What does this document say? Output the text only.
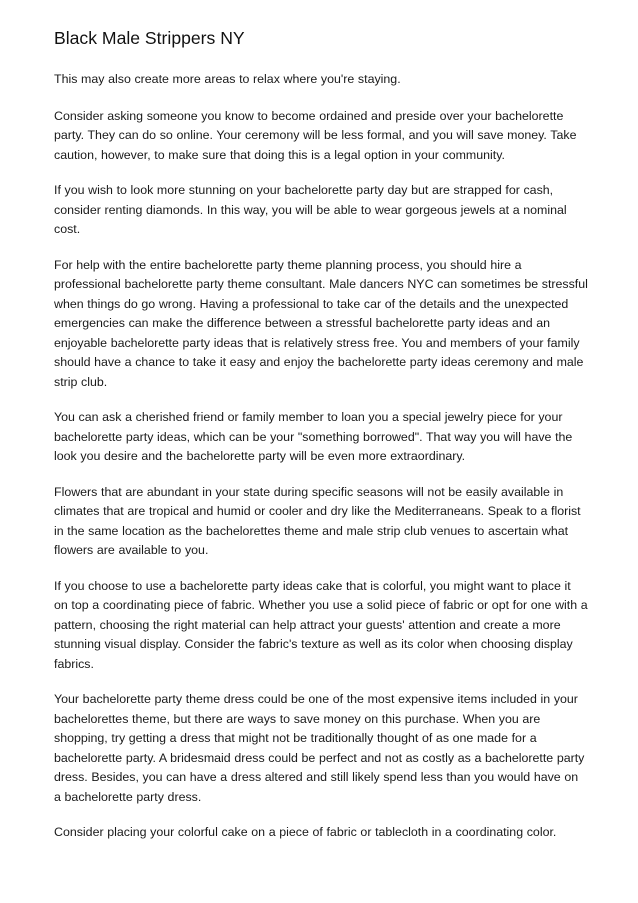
Black Male Strippers NY

This may also create more areas to relax where you're staying.

Consider asking someone you know to become ordained and preside over your bachelorette party. They can do so online. Your ceremony will be less formal, and you will save money. Take caution, however, to make sure that doing this is a legal option in your community.

If you wish to look more stunning on your bachelorette party day but are strapped for cash, consider renting diamonds. In this way, you will be able to wear gorgeous jewels at a nominal cost.

For help with the entire bachelorette party theme planning process, you should hire a professional bachelorette party theme consultant. Male dancers NYC can sometimes be stressful when things do go wrong. Having a professional to take car of the details and the unexpected emergencies can make the difference between a stressful bachelorette party ideas and an enjoyable bachelorette party ideas that is relatively stress free. You and members of your family should have a chance to take it easy and enjoy the bachelorette party ideas ceremony and male strip club.

You can ask a cherished friend or family member to loan you a special jewelry piece for your bachelorette party ideas, which can be your "something borrowed". That way you will have the look you desire and the bachelorette party will be even more extraordinary.

Flowers that are abundant in your state during specific seasons will not be easily available in climates that are tropical and humid or cooler and dry like the Mediterraneans. Speak to a florist in the same location as the bachelorettes theme and male strip club venues to ascertain what flowers are available to you.

If you choose to use a bachelorette party ideas cake that is colorful, you might want to place it on top a coordinating piece of fabric. Whether you use a solid piece of fabric or opt for one with a pattern, choosing the right material can help attract your guests' attention and create a more stunning visual display. Consider the fabric's texture as well as its color when choosing display fabrics.

Your bachelorette party theme dress could be one of the most expensive items included in your bachelorettes theme, but there are ways to save money on this purchase. When you are shopping, try getting a dress that might not be traditionally thought of as one made for a bachelorette party. A bridesmaid dress could be perfect and not as costly as a bachelorette party dress. Besides, you can have a dress altered and still likely spend less than you would have on a bachelorette party dress.

Consider placing your colorful cake on a piece of fabric or tablecloth in a coordinating color.
